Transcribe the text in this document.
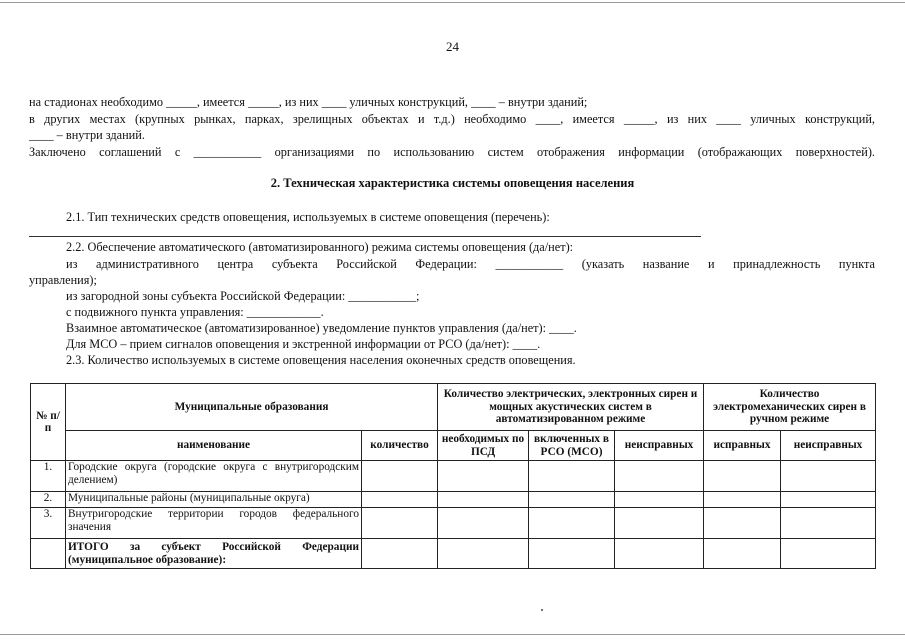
24
на стадионах необходимо _____, имеется _____, из них ____ уличных конструкций, ____ – внутри зданий;
в других местах (крупных рынках, парках, зрелищных объектах и т.д.) необходимо ____, имеется _____, из них ____ уличных конструкций,
____ – внутри зданий.
Заключено соглашений с ___________ организациями по использованию систем отображения информации (отображающих поверхностей).
2. Техническая характеристика системы оповещения населения
2.1. Тип технических средств оповещения, используемых в системе оповещения (перечень):
2.2. Обеспечение автоматического (автоматизированного) режима системы оповещения (да/нет):
из административного центра субъекта Российской Федерации: ___________ (указать название и принадлежность пункта
управления);
из загородной зоны субъекта Российской Федерации: ___________;
с подвижного пункта управления: ____________.
Взаимное автоматическое (автоматизированное) уведомление пунктов управления (да/нет): ____.
Для МСО – прием сигналов оповещения и экстренной информации от РСО (да/нет): ____.
2.3. Количество используемых в системе оповещения населения оконечных средств оповещения.
№ п/п	Муниципальные образования		Количество электрических, электронных сирен и мощных акустических систем в автоматизированном режиме			Количество электромеханических сирен в ручном режиме	
	наименование	количество	необходимых по ПСД	включенных в РСО (МСО)	неисправных	исправных	неисправных
1.	Городские округа (городские округа с внутригородским делением)						
2.	Муниципальные районы (муниципальные округа)						
3.	Внутригородские территории городов федерального значения						
	ИТОГО за субъект Российской Федерации (муниципальное образование):						
